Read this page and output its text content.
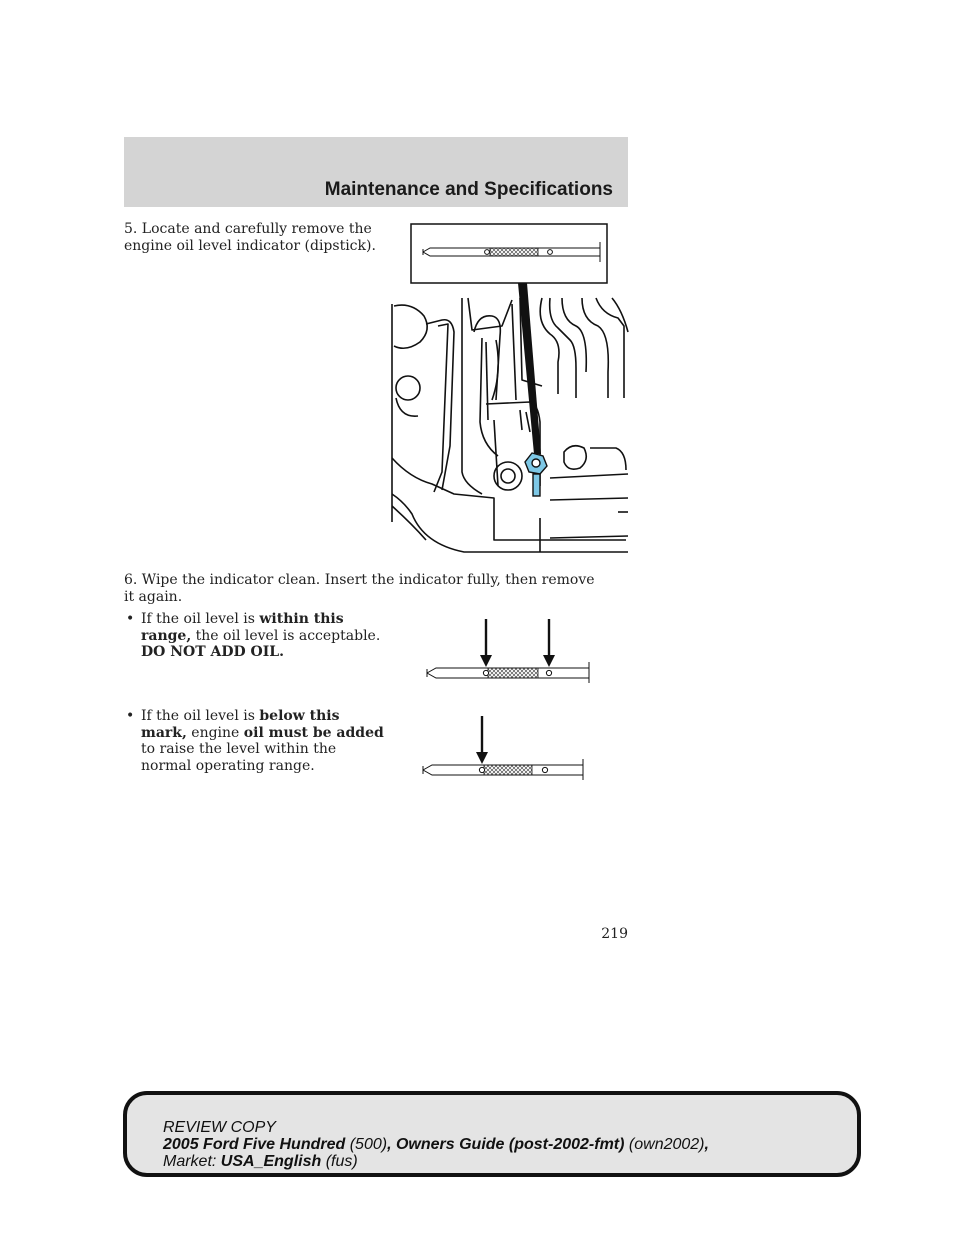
Maintenance and Specifications
5. Locate and carefully remove the engine oil level indicator (dipstick).
6. Wipe the indicator clean. Insert the indicator fully, then remove it again.
• If the oil level is within this range, the oil level is acceptable. DO NOT ADD OIL.
• If the oil level is below this mark, engine oil must be added to raise the level within the normal operating range.
219
REVIEW COPY
2005 Ford Five Hundred (500), Owners Guide (post-2002-fmt) (own2002),
Market: USA_English (fus)
